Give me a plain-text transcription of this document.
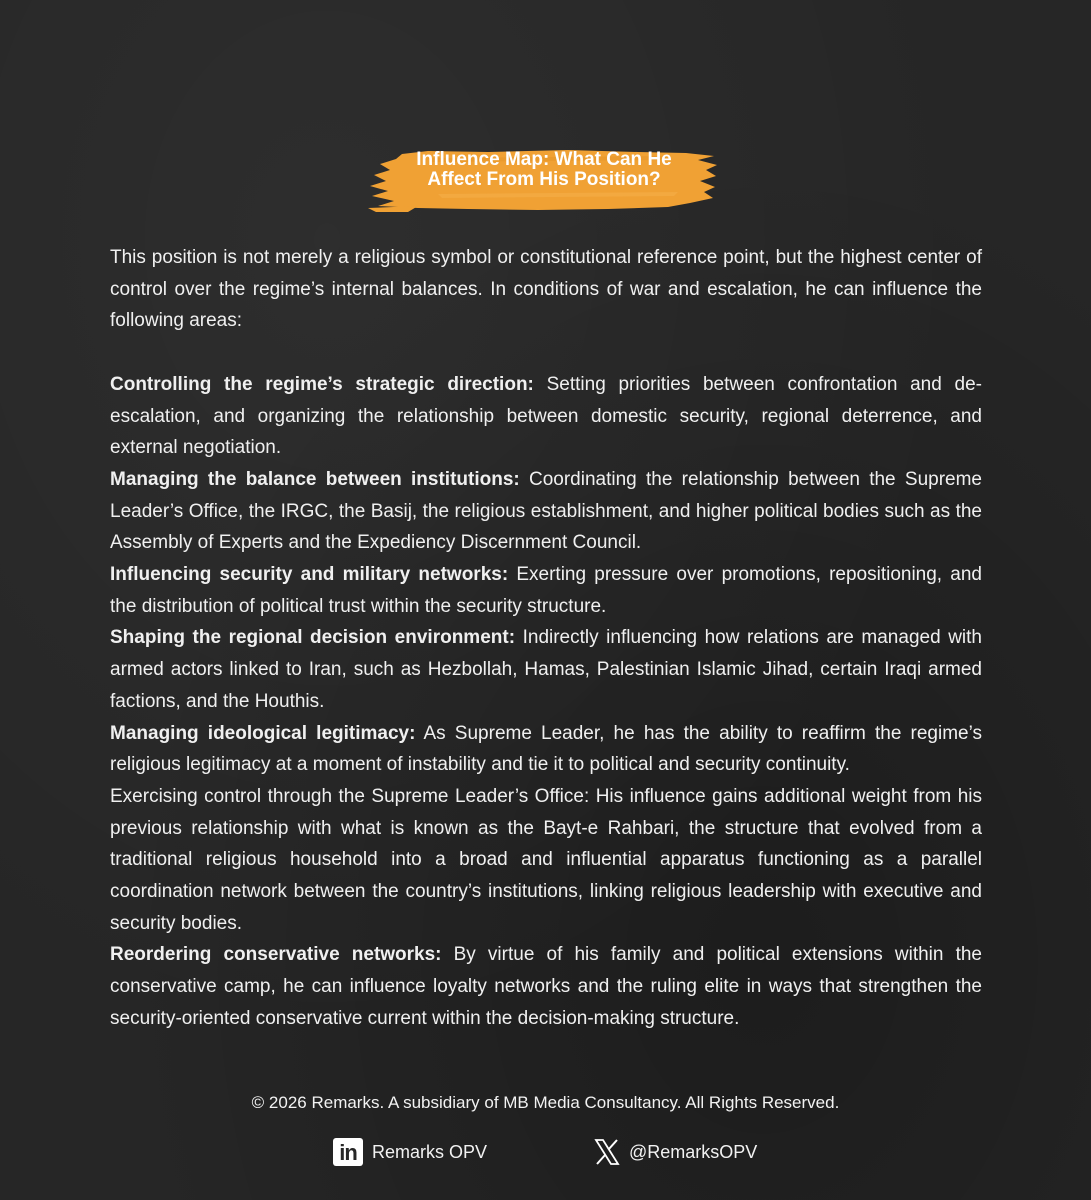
Influence Map: What Can He Affect From His Position?

This position is not merely a religious symbol or constitutional reference point, but the highest center of control over the regime’s internal balances. In conditions of war and escalation, he can influence the following areas:

Controlling the regime’s strategic direction: Setting priorities between confrontation and de-escalation, and organizing the relationship between domestic security, regional deterrence, and external negotiation.

Managing the balance between institutions: Coordinating the relationship between the Supreme Leader’s Office, the IRGC, the Basij, the religious establishment, and higher political bodies such as the Assembly of Experts and the Expediency Discernment Council.

Influencing security and military networks: Exerting pressure over promotions, repositioning, and the distribution of political trust within the security structure.

Shaping the regional decision environment: Indirectly influencing how relations are managed with armed actors linked to Iran, such as Hezbollah, Hamas, Palestinian Islamic Jihad, certain Iraqi armed factions, and the Houthis.

Managing ideological legitimacy: As Supreme Leader, he has the ability to reaffirm the regime’s religious legitimacy at a moment of instability and tie it to political and security continuity.

Exercising control through the Supreme Leader’s Office: His influence gains additional weight from his previous relationship with what is known as the Bayt-e Rahbari, the structure that evolved from a traditional religious household into a broad and influential apparatus functioning as a parallel coordination network between the country’s institutions, linking religious leadership with executive and security bodies.

Reordering conservative networks: By virtue of his family and political extensions within the conservative camp, he can influence loyalty networks and the ruling elite in ways that strengthen the security-oriented conservative current within the decision-making structure.

© 2026 Remarks. A subsidiary of MB Media Consultancy. All Rights Reserved.
in Remarks OPV	@RemarksOPV
